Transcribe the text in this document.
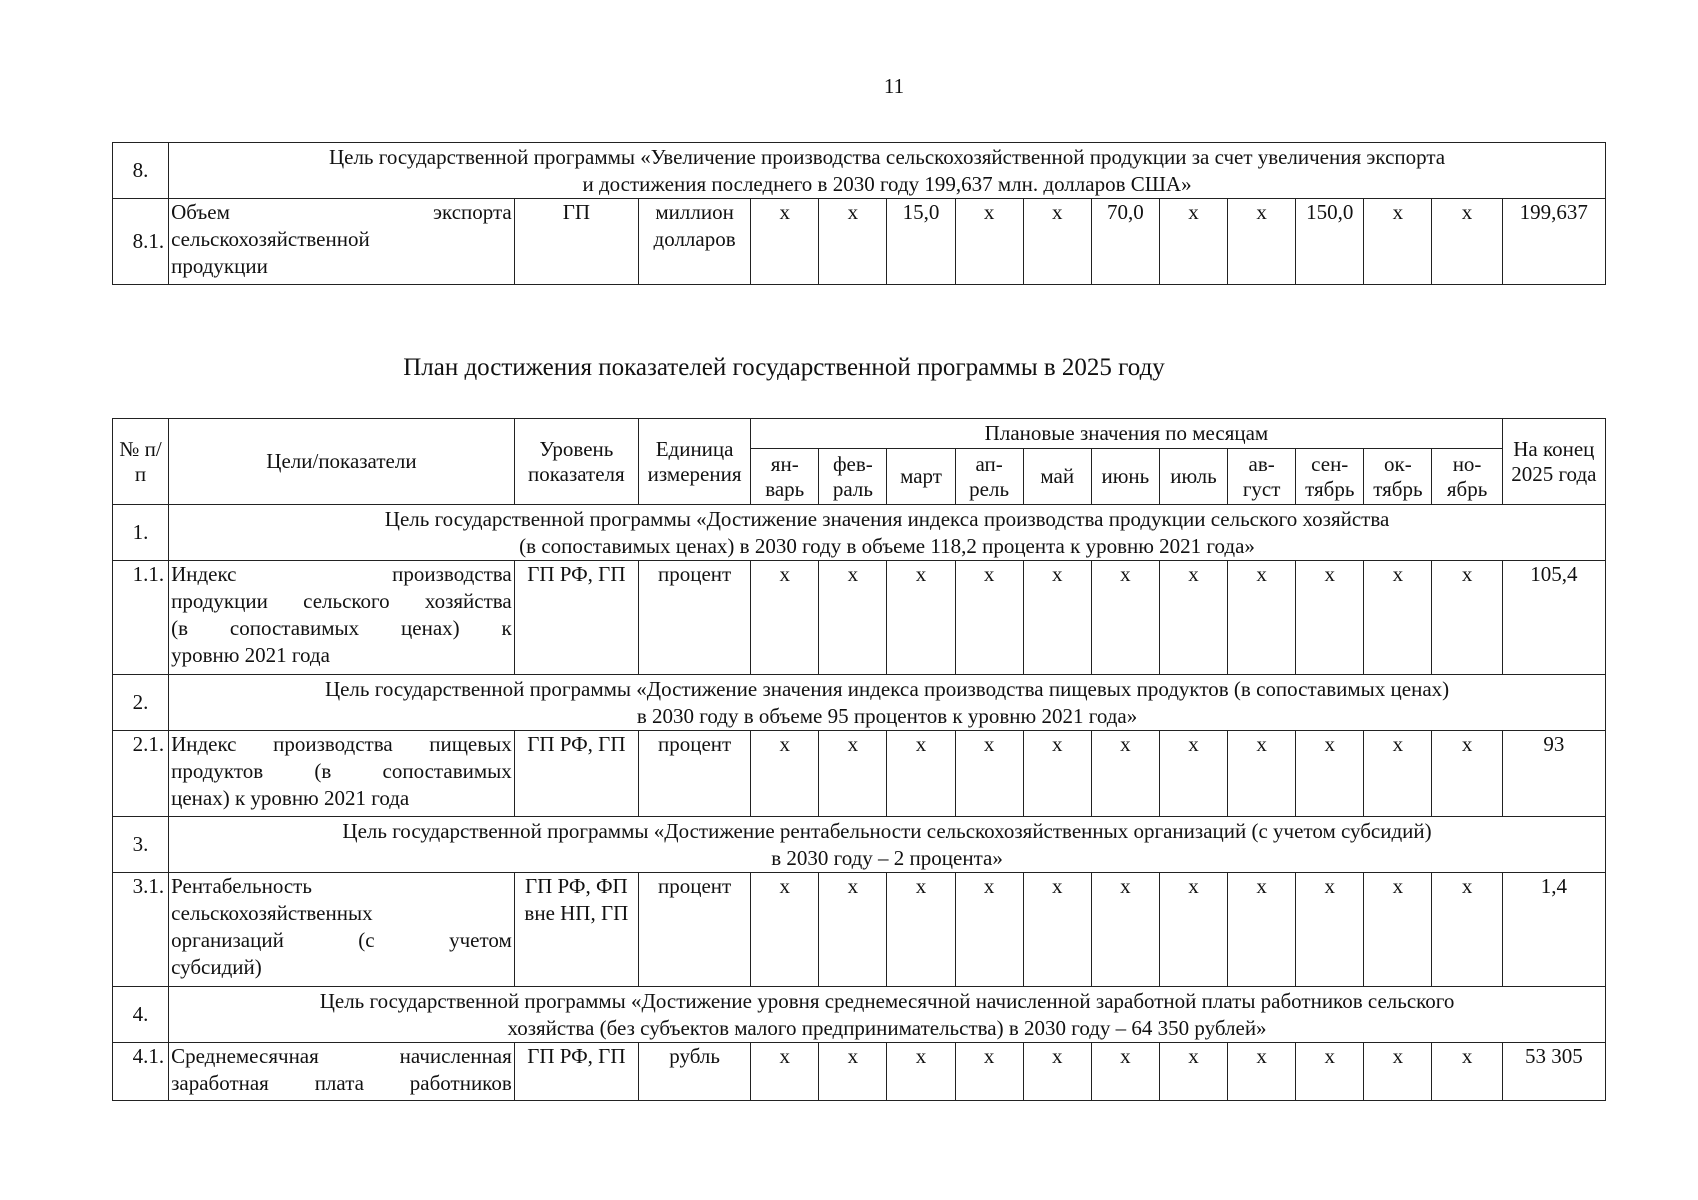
11
8.	Цель государственной программы «Увеличение производства сельскохозяйственной продукции за счет увеличения экспорта
и достижения последнего в 2030 году 199,637 млн. долларов США»														

8.1.	Объем экспорта
сельскохозяйственной
продукции	ГП	миллион долларов	х	х	15,0	х	х	70,0	х	х	150,0	х	х	199,637
План достижения показателей государственной программы в 2025 году
№ п/п	Цели/показатели	Уровень показателя	Единица измерения	Плановые значения по месяцам											На конец 2025 года
				ян-варь	фев-раль	март	ап-рель	май	июнь	июль	ав-густ	сен-тябрь	ок-тябрь	но-ябрь	
1.	Цель государственной программы «Достижение значения индекса производства продукции сельского хозяйства
(в сопоставимых ценах) в 2030 году в объеме 118,2 процента к уровню 2021 года»														

1.1.	Индекс производства
продукции сельского хозяйства
(в сопоставимых ценах) к
уровню 2021 года	ГП РФ, ГП	процент	х	х	х	х	х	х	х	х	х	х	х	105,4
2.	Цель государственной программы «Достижение значения индекса производства пищевых продуктов (в сопоставимых ценах)
в 2030 году в объеме 95 процентов к уровню 2021 года»														

2.1.	Индекс производства пищевых
продуктов (в сопоставимых
ценах) к уровню 2021 года	ГП РФ, ГП	процент	х	х	х	х	х	х	х	х	х	х	х	93
3.	Цель государственной программы «Достижение рентабельности сельскохозяйственных организаций (с учетом субсидий)
в 2030 году – 2 процента»														

3.1.	Рентабельность
сельскохозяйственных
организаций (с учетом
субсидий)	ГП РФ, ФП вне НП, ГП	процент	х	х	х	х	х	х	х	х	х	х	х	1,4
4.	Цель государственной программы «Достижение уровня среднемесячной начисленной заработной платы работников сельского
хозяйства (без субъектов малого предпринимательства) в 2030 году – 64 350 рублей»														

4.1.	Среднемесячная начисленная
заработная плата работников	ГП РФ, ГП	рубль	х	х	х	х	х	х	х	х	х	х	х	53 305
